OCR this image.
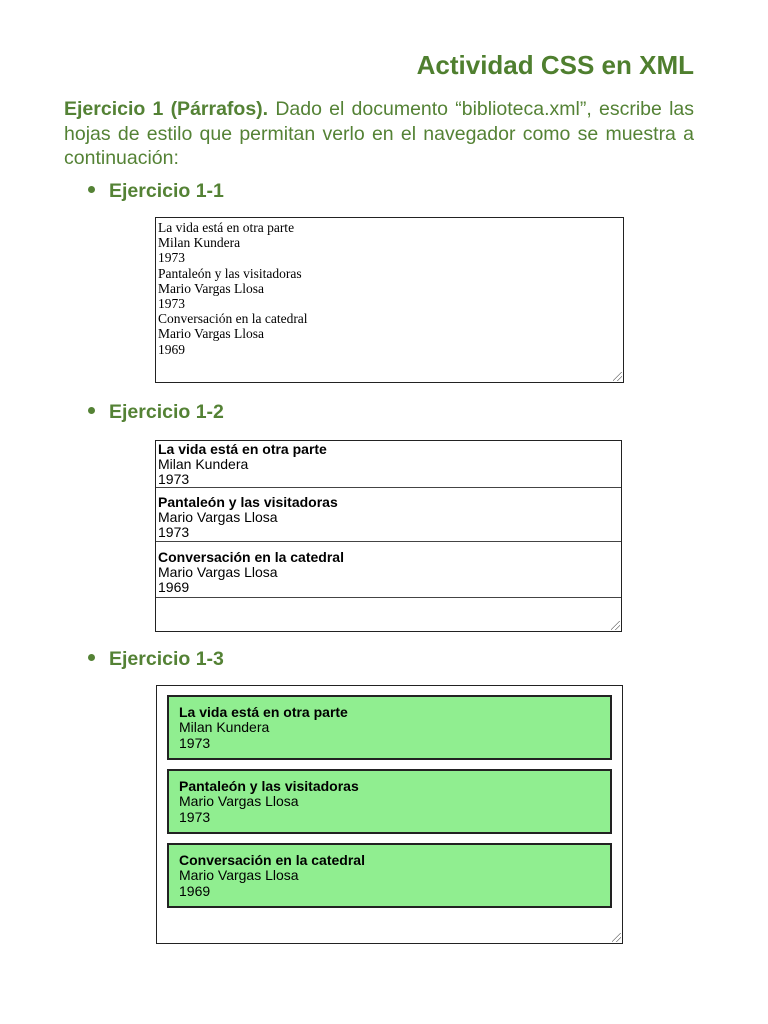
Actividad CSS en XML

Ejercicio 1 (Párrafos). Dado el documento “biblioteca.xml”, escribe las hojas de estilo que permitan verlo en el navegador como se muestra a continuación:

Ejercicio 1-1
La vida está en otra parte
Milan Kundera
1973
Pantaleón y las visitadoras
Mario Vargas Llosa
1973
Conversación en la catedral
Mario Vargas Llosa
1969
Ejercicio 1-2
La vida está en otra parte
Milan Kundera
1973
Pantaleón y las visitadoras
Mario Vargas Llosa
1973
Conversación en la catedral
Mario Vargas Llosa
1969
Ejercicio 1-3
La vida está en otra parte
Milan Kundera
1973
Pantaleón y las visitadoras
Mario Vargas Llosa
1973
Conversación en la catedral
Mario Vargas Llosa
1969
